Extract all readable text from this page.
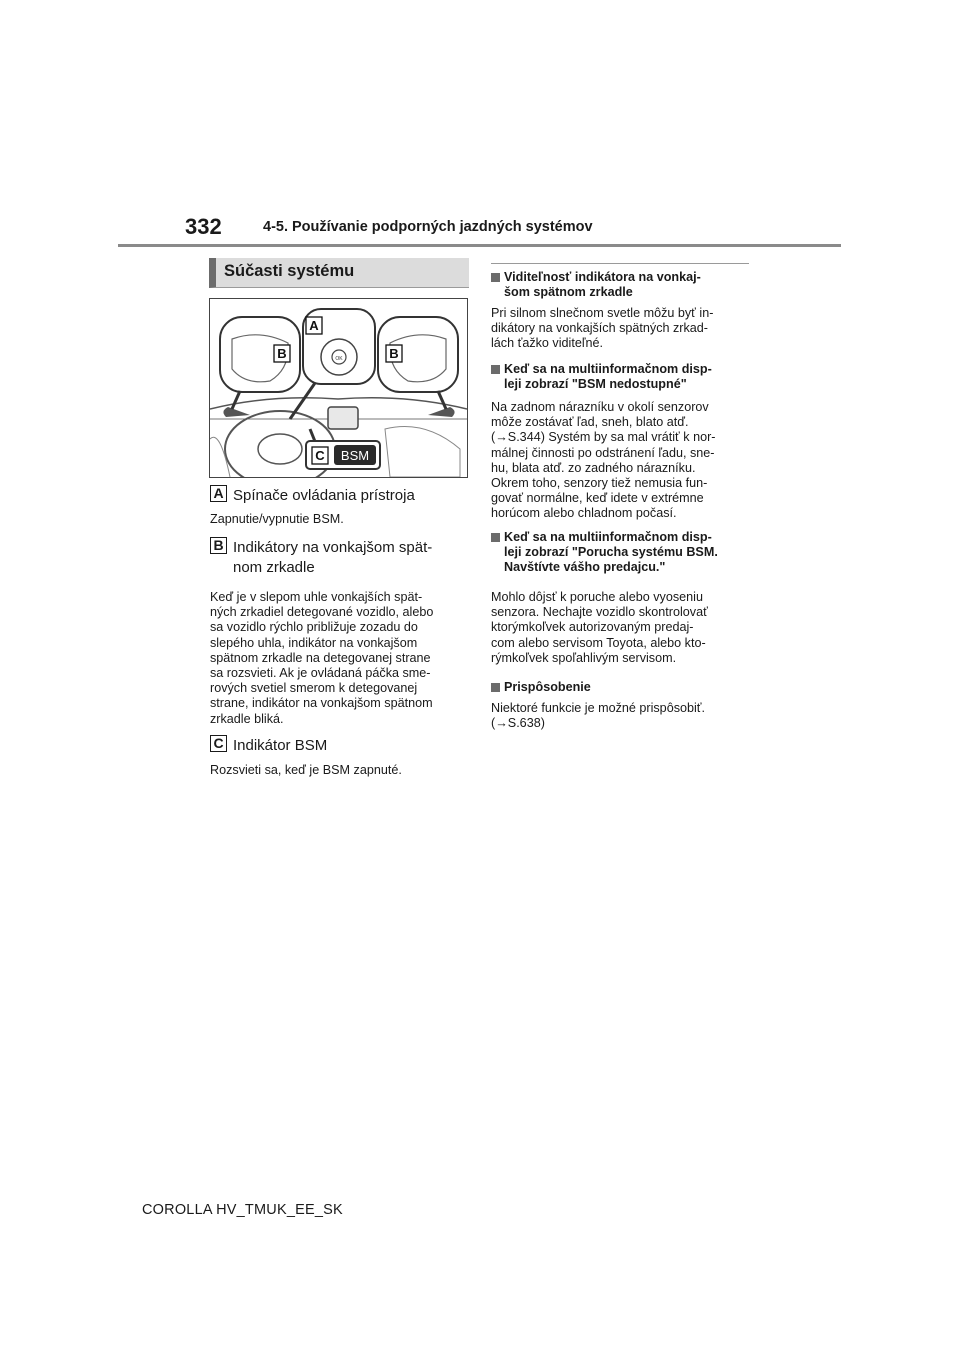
332	4-5. Používanie podporných jazdných systémov
Súčasti systému
A
B	B
C
OK
BSM
A Spínače ovládania prístroja
Zapnutie/vypnutie BSM.
B Indikátory na vonkajšom spät-
nom zrkadle
Keď je v slepom uhle vonkajších spät-
ných zrkadiel detegované vozidlo, alebo
sa vozidlo rýchlo približuje zozadu do
slepého uhla, indikátor na vonkajšom
spätnom zrkadle na detegovanej strane
sa rozsvieti. Ak je ovládaná páčka sme-
rových svetiel smerom k detegovanej
strane, indikátor na vonkajšom spätnom
zrkadle bliká.
C Indikátor BSM
Rozsvieti sa, keď je BSM zapnuté.
Viditeľnosť indikátora na vonkaj-
šom spätnom zrkadle
Pri silnom slnečnom svetle môžu byť in-
dikátory na vonkajších spätných zrkad-
lách ťažko viditeľné.
Keď sa na multiinformačnom disp-
leji zobrazí "BSM nedostupné"
Na zadnom nárazníku v okolí senzorov
môže zostávať ľad, sneh, blato atď.
(→S.344) Systém by sa mal vrátiť k nor-
málnej činnosti po odstránení ľadu, sne-
hu, blata atď. zo zadného nárazníku.
Okrem toho, senzory tiež nemusia fun-
govať normálne, keď idete v extrémne
horúcom alebo chladnom počasí.
Keď sa na multiinformačnom disp-
leji zobrazí "Porucha systému BSM.
Navštívte vášho predajcu."
Mohlo dôjsť k poruche alebo vyoseniu
senzora. Nechajte vozidlo skontrolovať
ktorýmkoľvek autorizovaným predaj-
com alebo servisom Toyota, alebo kto-
rýmkoľvek spoľahlivým servisom.
Prispôsobenie
Niektoré funkcie je možné prispôsobiť.
(→S.638)
COROLLA HV_TMUK_EE_SK
